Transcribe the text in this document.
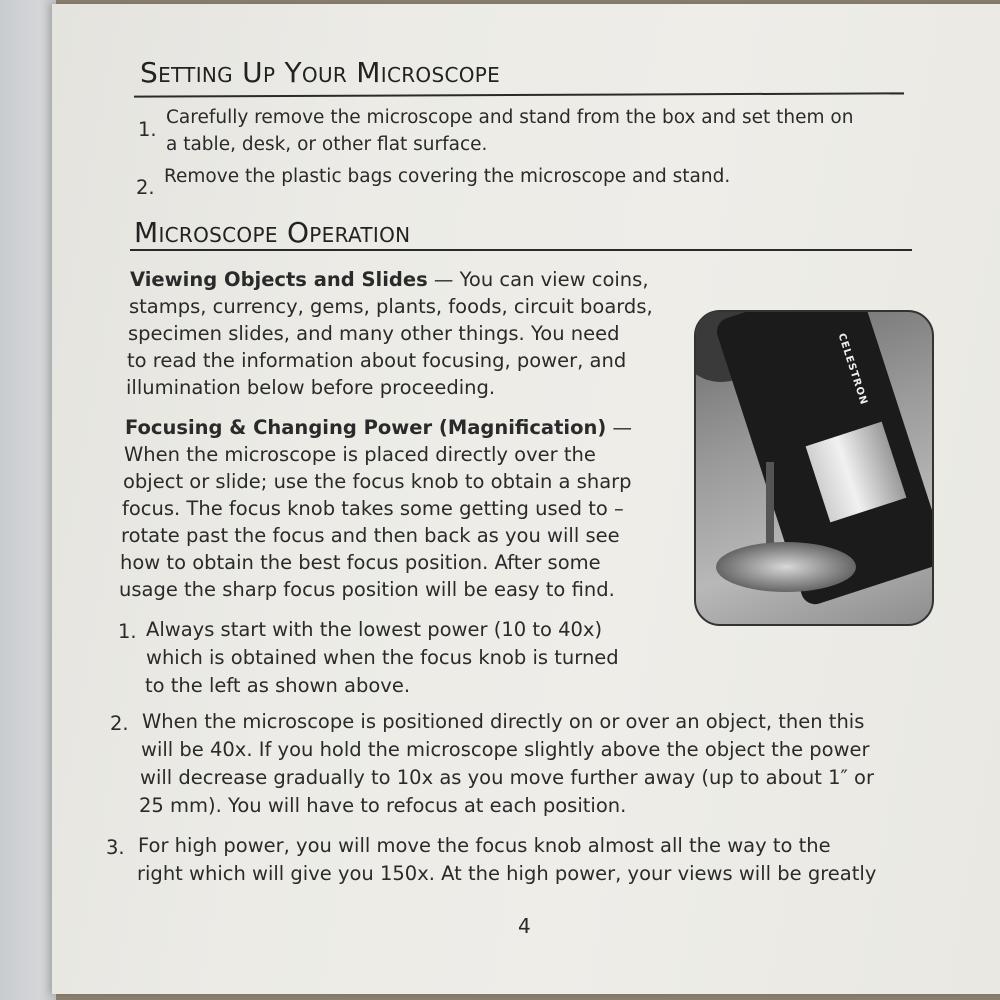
Setting Up Your Microscope
1.
Carefully remove the microscope and stand from the box and set them on
a table, desk, or other flat surface.
2. Remove the plastic bags covering the microscope and stand.
Microscope Operation
Viewing Objects and Slides — You can view coins,
stamps, currency, gems, plants, foods, circuit boards,
specimen slides, and many other things. You need
to read the information about focusing, power, and
illumination below before proceeding.
Focusing & Changing Power (Magnification) —
When the microscope is placed directly over the
object or slide; use the focus knob to obtain a sharp
focus. The focus knob takes some getting used to –
rotate past the focus and then back as you will see
how to obtain the best focus position. After some
usage the sharp focus position will be easy to find.
1. Always start with the lowest power (10 to 40x)
which is obtained when the focus knob is turned
to the left as shown above.
2. When the microscope is positioned directly on or over an object, then this
will be 40x. If you hold the microscope slightly above the object the power
will decrease gradually to 10x as you move further away (up to about 1″ or
25 mm). You will have to refocus at each position.
3. For high power, you will move the focus knob almost all the way to the
right which will give you 150x. At the high power, your views will be greatly
CELESTRON
4
